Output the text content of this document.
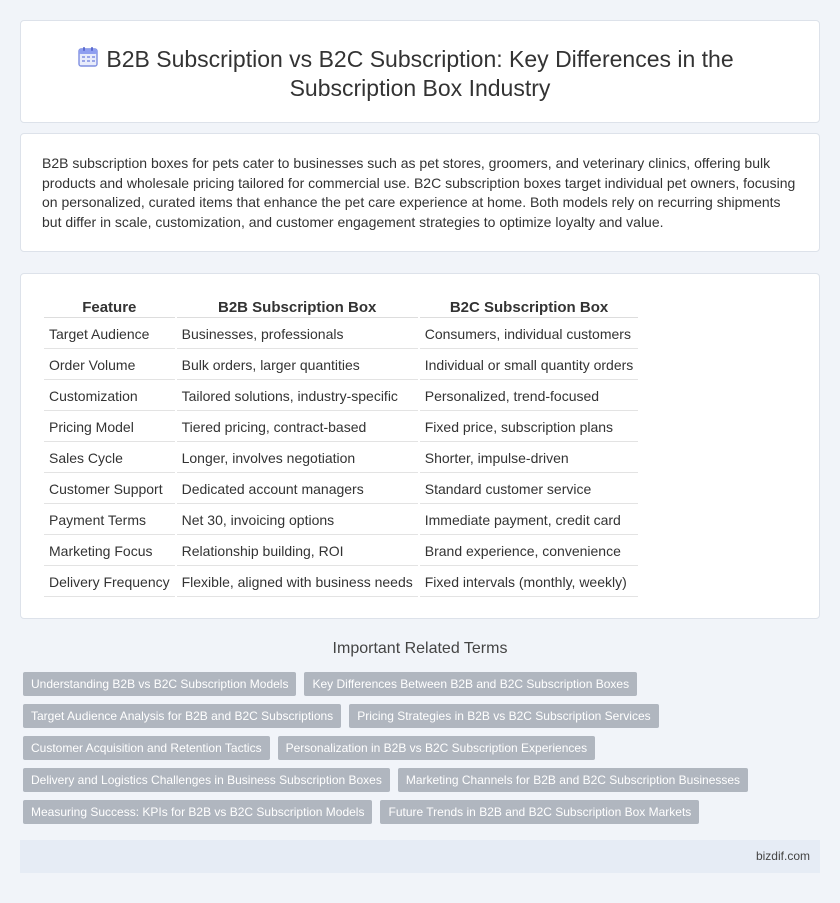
B2B Subscription vs B2C Subscription: Key Differences in the
Subscription Box Industry

B2B subscription boxes for pets cater to businesses such as pet stores, groomers, and veterinary clinics, offering bulk products and wholesale pricing tailored for commercial use. B2C subscription boxes target individual pet owners, focusing on personalized, curated items that enhance the pet care experience at home. Both models rely on recurring shipments but differ in scale, customization, and customer engagement strategies to optimize loyalty and value.

Feature	B2B Subscription Box	B2C Subscription Box
Target Audience	Businesses, professionals	Consumers, individual customers
Order Volume	Bulk orders, larger quantities	Individual or small quantity orders
Customization	Tailored solutions, industry-specific	Personalized, trend-focused
Pricing Model	Tiered pricing, contract-based	Fixed price, subscription plans
Sales Cycle	Longer, involves negotiation	Shorter, impulse-driven
Customer Support	Dedicated account managers	Standard customer service
Payment Terms	Net 30, invoicing options	Immediate payment, credit card
Marketing Focus	Relationship building, ROI	Brand experience, convenience
Delivery Frequency	Flexible, aligned with business needs	Fixed intervals (monthly, weekly)
Important Related Terms
Understanding B2B vs B2C Subscription Models	Key Differences Between B2B and B2C Subscription Boxes
Target Audience Analysis for B2B and B2C Subscriptions	Pricing Strategies in B2B vs B2C Subscription Services
Customer Acquisition and Retention Tactics	Personalization in B2B vs B2C Subscription Experiences
Delivery and Logistics Challenges in Business Subscription Boxes	Marketing Channels for B2B and B2C Subscription Businesses
Measuring Success: KPIs for B2B vs B2C Subscription Models	Future Trends in B2B and B2C Subscription Box Markets
bizdif.com
